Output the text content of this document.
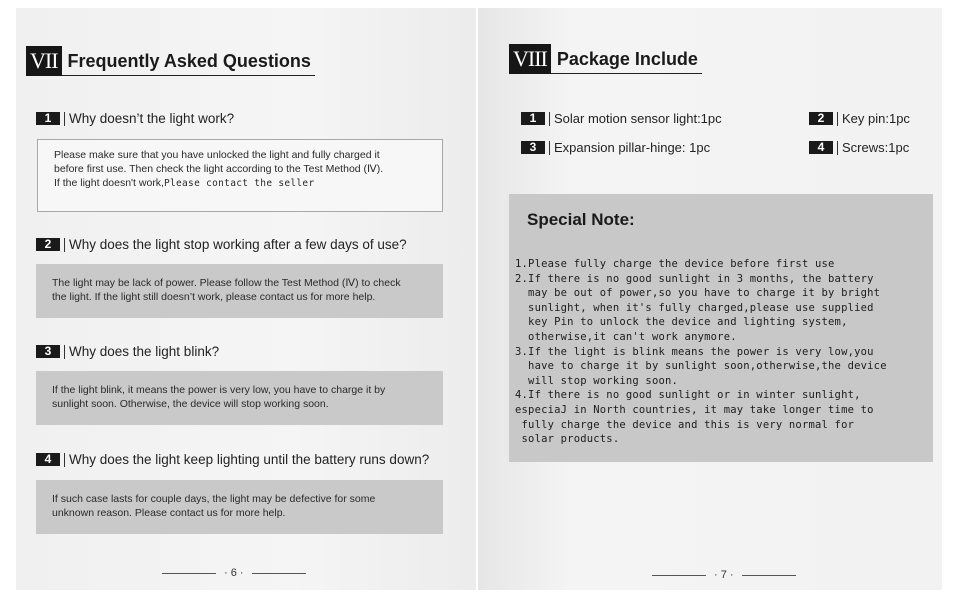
VII Frequently Asked Questions
1	Why doesn’t the light work?
Please make sure that you have unlocked the light and fully charged it
before first use. Then check the light according to the Test Method (Ⅳ).
If the light doesn't work,Please contact the seller
2	Why does the light stop working after a few days of use?
The light may be lack of power. Please follow the Test Method (Ⅳ) to check
the light. If the light still doesn’t work, please contact us for more help.
3	Why does the light blink?
If the light blink, it means the power is very low, you have to charge it by
sunlight soon. Otherwise, the device will stop working soon.
4	Why does the light keep lighting until the battery runs down?
If such case lasts for couple days, the light may be defective for some
unknown reason. Please contact us for more help.
· 6 ·
VIII Package Include
1	Solar motion sensor light:1pc	2	Key pin:1pc
3	Expansion pillar-hinge: 1pc	4	Screws:1pc
Special Note:
1.Please fully charge the device before first use
2.If there is no good sunlight in 3 months, the battery
may be out of power,so you have to charge it by bright
sunlight, when it's fully charged,please use supplied
key Pin to unlock the device and lighting system,
otherwise,it can't work anymore.
3.If the light is blink means the power is very low,you
have to charge it by sunlight soon,otherwise,the device
will stop working soon.
4.If there is no good sunlight or in winter sunlight,
especiaJ in North countries, it may take longer time to
fully charge the device and this is very normal for
solar products.
· 7 ·
